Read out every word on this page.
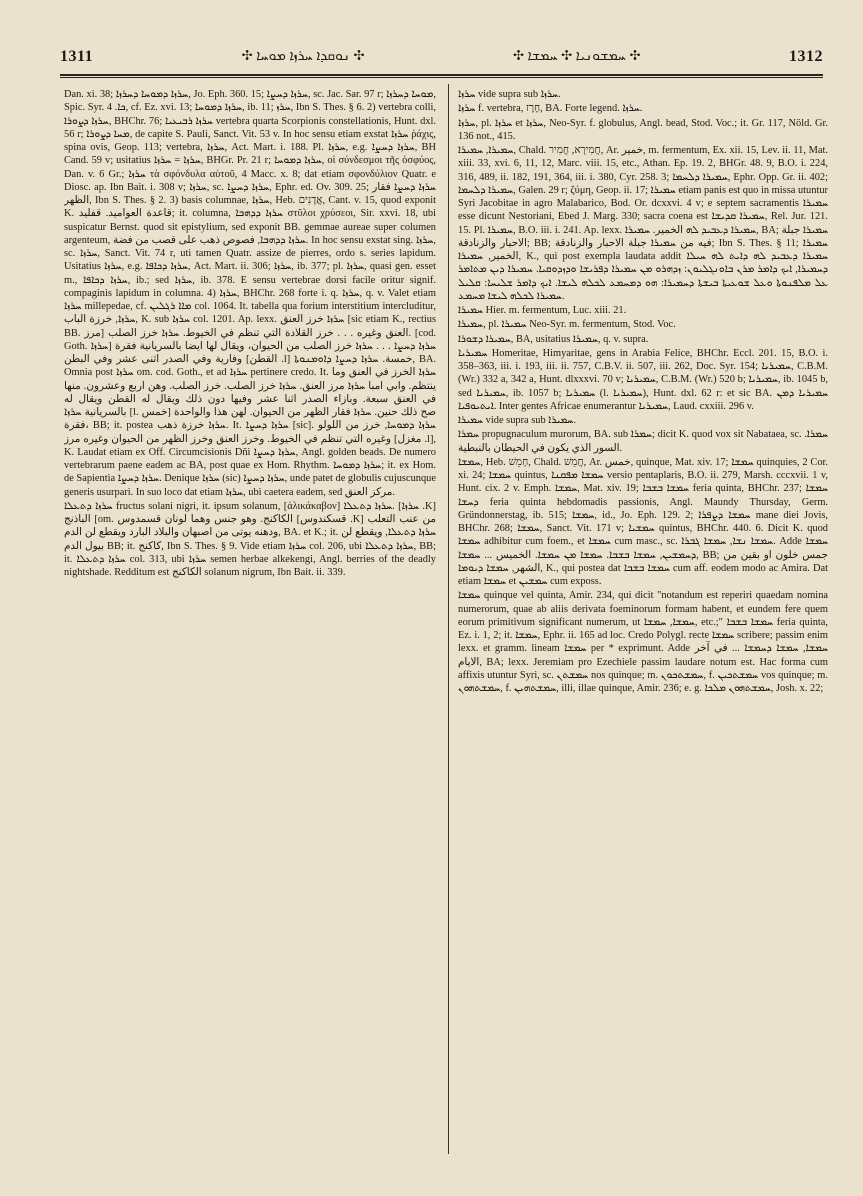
1311	✣ ܢܘܩܕܐ ܚܪܙܐ ܡܘܚܐ ✣	✣ ܚܡܫܘܢܝܐ ✣ ܚܡܫܐ ✣	1312

Dan. xi. 38; ܚܪܙܐ ܕܡܘܚܐ ܕܚܪܙܐ, Jo. Eph. 360. 15; ܚܪܙܐ ܕܚܨܐ, sc. Jac. Sar. 97 r; ܡܘܚܐ ܕܚܪܙܐ, Spic. Syr. ܟܐ. 4, cf. Ez. xvi. 13; ܚܪܙܐ ܕܡܘܚܐ, ib. 11; ܚܪܙ, Ibn S. Thes. § 6. 2) vertebra colli, ܚܪܙܐ ܕܨܘܪܐ, BHChr. 76; ܚܪܙܐ ܪܒܝܥܝܐ vertebra quarta Scorpionis constellationis, Hunt. dxl. 56 r; ܡܚܐ ܕܨܘܪܐ, de capite S. Pauli, Sanct. Vit. 53 v. In hoc sensu etiam exstat ܚܪܙܐ ῥάχις, spina ovis, Geop. 113; vertebra, ܚܪܙܐ, Act. Mart. i. 188. Pl. ܚܪܙܐ, e.g. ܚܪܙܐ ܕܚܨܐ, BH Cand. 59 v; usitatius ܚܪܙܐ = ܚܪܙܐ, BHGr. Pr. 21 r; ܚܪܙܐ ܕܡܘܚܐ, οἱ σύνδεσμοι τῆς ὀσφύος, Dan. v. 6 Gr.; ܚܪܙܐ τὰ σφόνδυλα αὐτοῦ, 4 Macc. x. 8; dat etiam σφονδύλιον Quatr. e Diosc. ap. Ibn Bait. i. 308 v; ܚܪܙܐ, sc. ܚܪܙܐ ܕܚܨܐ, Ephr. ed. Ov. 309. 25; ܚܪܙܐ ܕܚܨܐ فقار الظهر, Ibn S. Thes. § 2. 3) basis columnae, ܚܪܙܐ, Heb. אֲדָנִים, Cant. v. 15, quod exponit K. قاعدة العواميد. قفليد; it. columna, ܚܪܙܐ ܕܕܗܒܐ στῦλοι χρύσεοι, Sir. xxvi. 18, ubi suspicatur Bernst. quod sit epistylium, sed exponit BB. gemmae aureae super columen argenteum, ܚܪܙܐ ܕܕܗܒܐ, فصوص ذهب على قصب من فضة. In hoc sensu exstat sing. ܚܪܙܐ, sc. ܚܪܙܐ, Sanct. Vit. 74 r, uti tamen Quatr. assize de pierres, ordo s. series lapidum. Usitatius ܚܪܙܐ, e.g. ܚܪܙܐ ܕܟܐܦܐ, Act. Mart. ii. 306; ܚܪܙܐ, ib. 377; pl. ܚܪܙܐ, quasi gen. esset m., ܚܪܙܐ ܕܟܐܦܐ, ib.; sed ܚܪܙܐ, ib. 378. E sensu vertebrae dorsi facile oritur signif. compaginis lapidum in columna. 4) ܚܪܙܐ, BHChr. 268 forte i. q. ܚܪܙܐ, q. v. Valet etiam ܚܪܙܐ millepedae, cf. ܡܐܐ ܪܓܠܝܢ col. 1064. It. tabella qua forium interstitium intercluditur, ܚܪܙܐ, خرزة الباب, K. sub ܚܪܙܐ col. 1201. Ap. lexx. ܚܪܙܐ خرز العنق [sic etiam K., rectius BB. مرز] العنق وغيره . . . خرز القلادة التي تنظم في الخيوط. ܚܪܙܐ خرز الصلب. [cod. Goth. ܚܪܙܐ] ܚܪܙܐ ܕܚܨܐ . . . ܚܪܙܐ خرز الصلب من الحيوان، ويقال لها ايضا بالسريانية فقرة وفارية وفي الصدر اثنى عشر وفي البطن [القطن .l] خمسة. ܚܪܙܐ ܕܚܨܐ ܕܐܘܡܢܘܬܐ, BA. Omnia post ܚܪܙܐ om. cod. Goth., et ad ܚܪܙܐ pertinere credo. It. ܚܪܙܐ الخرز في العنق وما ينتظم. وابي امبا ܚܪܙܐ مرز العنق. ܚܪܙܐ خرز الصلب. خرز الصلب. وهن اربع وعشرون. منها في العنق سبعة. وبازاء الصدر اثنا عشر وفيها دون ذلك ويقال له القطن ويقال له بالسريانية ܚܪܙܐ [l. خمس] صح ذلك حنين. ܚܪܙܐ فقار الظهر من الحيوان. لهن هذا والواحدة فقرة، BB; it. postea ܚܪܙܐ خرزة ذهب. It. ܚܪܙܐ ܕܚܨܐ [sic]. ܚܪܙܐ ܕܡܘܚܐ, خرز من اللولو وغيره التي تنظم في الخيوط. وخرز العنق وخرز الظهر من الحيوان وغيره مرز [مغزل .l], K. Laudat etiam ex Off. Circumcisionis Dñi ܚܪܙܐ ܕܚܨܐ, Angl. golden beads. De numero vertebrarum paene eadem ac BA, post quae ex Hom. Rhythm. ܚܪܙܐ ܕܡܘܚܐ; it. ex Hom. de Sapientia ܚܪܙܐ ܕܚܨܐ. Denique ܚܪܙܐ (sic) ܚܪܙܐ ܕܚܨܐ, unde patet de globulis cujuscunque generis usurpari. In suo loco dat etiam ܚܪܙܐ, ubi caetera eadem, sed مركز العنق.

ܚܪܙܐ ܕܬܥܠܐ fructus solani nigri, it. ipsum solanum, [ἀλικάκαβον] ܚܪܙܐ ܕܬܥܠܐ. [ܚܪܙܐ .K] الباذنج [om. الكاكنج. وهو جنس وهما لونان قسمدوس [قسكندوس .K] من عنب التعلب ودهنه يوتى من اصبهان والبلاد البارد ويقطع لن الدم, BA. et K.; it. ܚܪܙܐ ܕܬܥܠܐ, ويقطع لن بيول الدم BB; it. كاكنج, Ibn S. Thes. § 9. Vide etiam ܚܪܙܐ col. 206, ubi ܚܪܙܐ ܕܬܥܠܐ, BB; it. ܚܪܙܐ ܕܬܥܠܐ col. 313, ubi ܚܪܙܐ semen herbae alkekengi, Angl. berries of the deadly nightshade. Redditum est الكاكنج solanum nigrum, Ibn Bait. ii. 339.

ܚܪܙܐ vide supra sub ܚܪܙܐ.

ܚܪܙܐ f. vertebra, חֶרֶז, BA. Forte legend. ܚܪܙܐ.

ܚܪܙܐ, pl. ܚܪܙܐ et ܚܪܙܐ, Neo-Syr. f. globulus, Angl. bead, Stod. Voc.; it. Gr. 117, Nöld. Gr. 136 not., 415.

ܚܡܝܪܐ, ܚܡܝܪܐ, Chald. חֲמִירָא, חֲמִיר, Ar. خمير, m. fermentum, Ex. xii. 15, Lev. ii. 11, Mat. xiii. 33, xvi. 6, 11, 12, Marc. viii. 15, etc., Athan. Ep. 19. 2, BHGr. 48. 9, B.O. i. 224, 316, 489, ii. 182, 191, 364, iii. i. 380, Cyr. 258. 3; ܚܡܝܪܐ ܕܠܚܡܐ, Ephr. Opp. Gr. ii. 402; ܚܡܝܪܐ ܕܠܚܡܐ, Galen. 29 r; ζύμη, Geop. ii. 17; ܚܡܝܪܐ etiam panis est quo in missa utuntur Syri Jacobitae in agro Malabarico, Bod. Or. dcxxvi. 4 v; e septem sacramentis ܚܡܝܪܐ esse dicunt Nestoriani, Ebed J. Marg. 330; sacra coena est ܚܡܝܪܐ ܩܕܝܫܐ, Rel. Jur. 121. 15. Pl. ܚܡܝܪܐ, B.O. iii. i. 241. Ap. lexx. ܚܡܝܪܐ ܕܥܒܝܕ ܠܗ الخمير. ܚܡܝܪܐ, BA; ܚܡܝܪܐ جبلة الاحبار والزنادقة; BB; فيه من ܚܡܝܪܐ جبلة الاحبار والزنادقة; Ibn S. Thes. § 11; ܚܡܝܪܐ الخمير, ܚܡܝܪܐ, K., qui post exempla laudata addit ܚܡܝܪܐ ܕܥܒܝܕ ܠܗ ܕܐܝܬ ܠܗ ܚܝܠܐ ܕܚܡܝܪܐ, ܐܝܟ ܕܐܡܪ ܡܪܢ ܒܐܘܢܓܠܝܘܢ: ܙܕܗܪܘ ܡܢ ܚܡܝܪܐ ܕܦܪܝܫܐ ܘܕܙܕܘܩܝܐ. ܚܡܝܪܐ ܕܝܢ ܡܬܐܡܪ ܥܠ ܡܠܦܢܘܬܐ ܘܥܠ ܫܘܥܝܬܐ ܒܝܫܬܐ ܕܚܡܝܪܐ: ܗܘ ܕܡܚܡܥ ܠܟܠܗ ܠܝܫܐ. ܐܝܟ ܕܐܡܪ ܫܠܝܚܐ: ܩܠܝܠ ܚܡܝܪܐ ܠܟܠܗ ܠܝܫܐ ܡܚܡܥ.

ܚܡܝܪܐ Hier. m. fermentum, Luc. xiii. 21.

ܚܡܝܪܐ, pl. ܚܡܝܪܐ Neo-Syr. m. fermentum, Stod. Voc.

ܚܡܝܪܐ ܕܫܘܪܐ, BA, usitatius ܚܡܝܪܐ, q. v. supra.

ܚܡܝܪܝܐ Homeritae, Himyaritae, gens in Arabia Felice, BHChr. Eccl. 201. 15, B.O. i. 358–363, iii. i. 193, iii. ii. 757, C.B.V. ii. 507, iii. 262, Doc. Syr. 154; ܚܡܝܪܝܐ, C.B.M. (Wr.) 332 a, 342 a, Hunt. dlxxxvi. 70 v; ܚܡܝܪܝܐ, C.B.M. (Wr.) 520 b; ܚܡܝܪܝܐ, ib. 1045 b, sed ܚܡܝܪܝܐ, ib. 1057 b; ܚܡܝܪܝܐ (l. ܚܡܝܪܝܐ), Hunt. dxl. 62 r: et sic BA. ܚܡܝܪܝܐ ܕܡܢ ܐܝܬܝܘܦܝܐ. Inter gentes Africae enumerantur ܚܡܝܪܝܐ, Laud. cxxiii. 296 v.

ܚܡܝܪܐ vide supra sub ܚܡܝܪܐ.

ܚܡܪܐ propugnaculum murorum, BA. sub ܚܡܪܐ; dicit K. quod vox sit Nabataea, sc. ܚܡܪܐ. السور الذي يكون في الحيطان بالنبطية.

ܚܡܫܐ, Heb. חָמֵשׁ, Chald. חֲמֵשׁ, Ar. خمس, quinque, Mat. xiv. 17; ܚܡܫܐ quinquies, 2 Cor. xi. 24; ܚܡܫܐ quintus, ܚܡܫܐ ܡܦܩܢܐ versio pentaplaris, B.O. ii. 279, Marsh. cccxvii. 1 v, Hunt. cix. 2 v. Emph. ܚܡܫܐ, Mat. xiv. 19; ܚܡܫܐ ܒܫܒܐ feria quinta, BHChr. 237; ܚܡܫܐ ܕܚܫܐ feria quinta hebdomadis passionis, Angl. Maundy Thursday, Germ. Gründonnerstag, ib. 515; ܚܡܫܐ, id., Jo. Eph. 129. 2; ܚܡܫܐ ܕܨܦܪܐ mane diei Jovis, BHChr. 268; ܚܡܫܐ, Sanct. Vit. 171 v; ܚܡܫܝܐ quintus, BHChr. 440. 6. Dicit K. quod ܚܡܫܐ adhibitur cum foem., et ܚܡܫܐ cum masc., sc. ܚܡܫܐ ܢܫܐ, ܚܡܫܐ ܓܒܪܐ. Adde ܚܡܫܐ ܕܚܡܫܝܢ, ܚܡܫܐ ܒܫܒܐ. ܚܡܫܐ ܡܢ ܚܡܫܐ. الخميس ... ܚܡܫܐ, BB; جمس خلون او بقين من الشهر, ܚܡܫܐ ܕܝܘܡܐ, K., qui postea dat ܚܡܫܐ ܒܫܒܐ cum aff. eodem modo ac Amira. Dat etiam ܚܡܫܐ et ܚܡܫܝܢ cum exposs.

ܚܡܫܐ quinque vel quinta, Amir. 234, qui dicit "notandum est reperiri quaedam nomina numerorum, quae ab aliis derivata foeminorum formam habent, et eundem fere quem eorum primitivum significant numerum, ut ܚܡܫܐ, ܚܡܫܐ, etc.;" ܚܡܫܐ ܒܫܒܐ feria quinta, Ez. i. 1, 2; it. ܚܡܫܐ, Ephr. ii. 165 ad loc. Credo Polygl. recte ܚܡܫܐ scribere; passim enim lexx. et gramm. lineam ܚܡܫܐ per * exprimunt. Adde ܚܡܫܐ, ܚܡܫܐ ܕܚܡܫܐ ... في آخر الايام, BA; lexx. Jeremiam pro Ezechiele passim laudare notum est. Hac forma cum affixis utuntur Syri, sc. ܚܡܫܬܢ nos quinque; m. ܚܡܫܬܟܘܢ, f. ܚܡܫܬܟܝܢ vos quinque; m. ܚܡܫܬܗܘܢ, f. ܚܡܫܬܗܝܢ, illi, illae quinque, Amir. 236; e. g. ܚܡܫܬܗܘܢ ܡܠܟܐ, Josh. x. 22;
